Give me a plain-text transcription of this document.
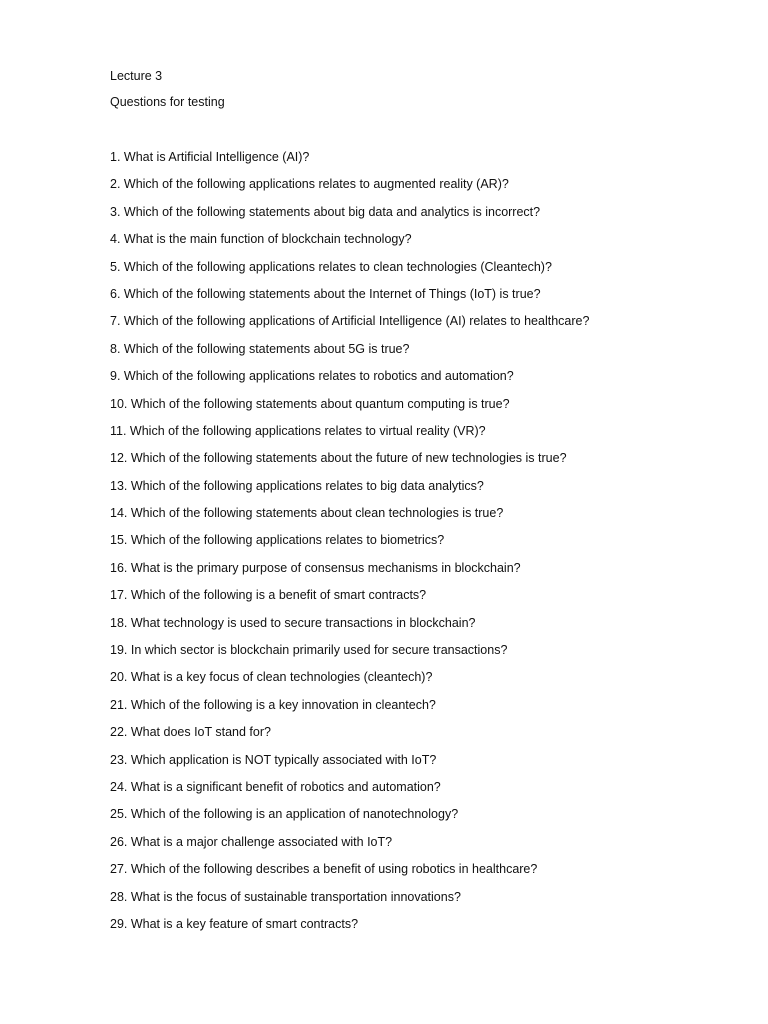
Lecture 3
Questions for testing
1. What is Artificial Intelligence (AI)?
2. Which of the following applications relates to augmented reality (AR)?
3. Which of the following statements about big data and analytics is incorrect?
4. What is the main function of blockchain technology?
5. Which of the following applications relates to clean technologies (Cleantech)?
6. Which of the following statements about the Internet of Things (IoT) is true?
7. Which of the following applications of Artificial Intelligence (AI) relates to healthcare?
8. Which of the following statements about 5G is true?
9. Which of the following applications relates to robotics and automation?
10. Which of the following statements about quantum computing is true?
11. Which of the following applications relates to virtual reality (VR)?
12. Which of the following statements about the future of new technologies is true?
13. Which of the following applications relates to big data analytics?
14. Which of the following statements about clean technologies is true?
15. Which of the following applications relates to biometrics?
16. What is the primary purpose of consensus mechanisms in blockchain?
17. Which of the following is a benefit of smart contracts?
18. What technology is used to secure transactions in blockchain?
19. In which sector is blockchain primarily used for secure transactions?
20. What is a key focus of clean technologies (cleantech)?
21. Which of the following is a key innovation in cleantech?
22. What does IoT stand for?
23. Which application is NOT typically associated with IoT?
24. What is a significant benefit of robotics and automation?
25. Which of the following is an application of nanotechnology?
26. What is a major challenge associated with IoT?
27. Which of the following describes a benefit of using robotics in healthcare?
28. What is the focus of sustainable transportation innovations?
29. What is a key feature of smart contracts?
